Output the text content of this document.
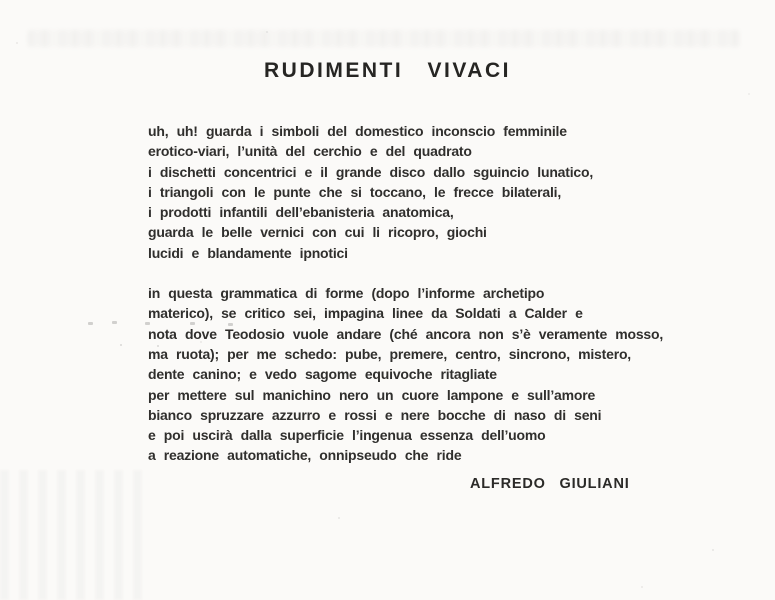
RUDIMENTI VIVACI
uh, uh! guarda i simboli del domestico inconscio femminile
erotico-viari, l’unità del cerchio e del quadrato
i dischetti concentrici e il grande disco dallo sguincio lunatico,
i triangoli con le punte che si toccano, le frecce bilaterali,
i prodotti infantili dell’ebanisteria anatomica,
guarda le belle vernici con cui li ricopro, giochi
lucidi e blandamente ipnotici
in questa grammatica di forme (dopo l’informe archetipo
materico), se critico sei, impagina linee da Soldati a Calder e
nota dove Teodosio vuole andare (ché ancora non s’è veramente mosso,
ma ruota); per me schedo: pube, premere, centro, sincrono, mistero,
dente canino; e vedo sagome equivoche ritagliate
per mettere sul manichino nero un cuore lampone e sull’amore
bianco spruzzare azzurro e rossi e nere bocche di naso di seni
e poi uscirà dalla superficie l’ingenua essenza dell’uomo
a reazione automatiche, onnipseudo che ride
ALFREDO GIULIANI
